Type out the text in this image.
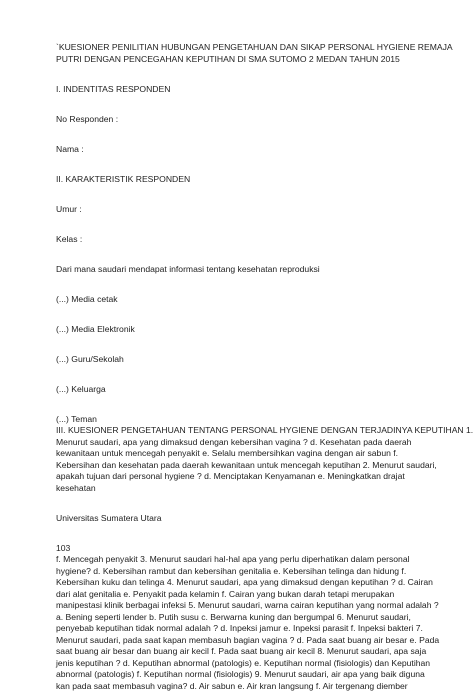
`KUESIONER PENILITIAN HUBUNGAN PENGETAHUAN DAN SIKAP PERSONAL HYGIENE REMAJA

PUTRI DENGAN PENCEGAHAN KEPUTIHAN DI SMA SUTOMO 2 MEDAN TAHUN 2015

I. INDENTITAS RESPONDEN

No Responden :

Nama :

II. KARAKTERISTIK RESPONDEN

Umur :

Kelas :

Dari mana saudari mendapat informasi tentang kesehatan reproduksi

(...) Media cetak

(...) Media Elektronik

(...) Guru/Sekolah

(...) Keluarga

(...) Teman

III. KUESIONER PENGETAHUAN TENTANG PERSONAL HYGIENE DENGAN TERJADINYA KEPUTIHAN 1.
Menurut saudari, apa yang dimaksud dengan kebersihan vagina ? d. Kesehatan pada daerah
kewanitaan untuk mencegah penyakit e. Selalu membersihkan vagina dengan air sabun f.
Kebersihan dan kesehatan pada daerah kewanitaan untuk mencegah keputihan 2. Menurut saudari,
apakah tujuan dari personal hygiene ? d. Menciptakan Kenyamanan e. Meningkatkan drajat
kesehatan

Universitas Sumatera Utara

103

f. Mencegah penyakit 3. Menurut saudari hal-hal apa yang perlu diperhatikan dalam personal
hygiene? d. Kebersihan rambut dan kebersihan genitalia e. Kebersihan telinga dan hidung f.
Kebersihan kuku dan telinga 4. Menurut saudari, apa yang dimaksud dengan keputihan ? d. Cairan
dari alat genitalia e. Penyakit pada kelamin f. Cairan yang bukan darah tetapi merupakan
manipestasi klinik berbagai infeksi 5. Menurut saudari, warna cairan keputihan yang normal adalah ?
a. Bening seperti lender b. Putih susu c. Berwarna kuning dan bergumpal 6. Menurut saudari,
penyebab keputihan tidak normal adalah ? d. Inpeksi jamur e. Inpeksi parasit f. Inpeksi bakteri 7.
Menurut saudari, pada saat kapan membasuh bagian vagina ? d. Pada saat buang air besar e. Pada
saat buang air besar dan buang air kecil f. Pada saat buang air kecil 8. Menurut saudari, apa saja
jenis keputihan ? d. Keputihan abnormal (patologis) e. Keputihan normal (fisiologis) dan Keputihan
abnormal (patologis) f. Keputihan normal (fisiologis) 9. Menurut saudari, air apa yang baik diguna
kan pada saat membasuh vagina? d. Air sabun e. Air kran langsung f. Air tergenang diember
